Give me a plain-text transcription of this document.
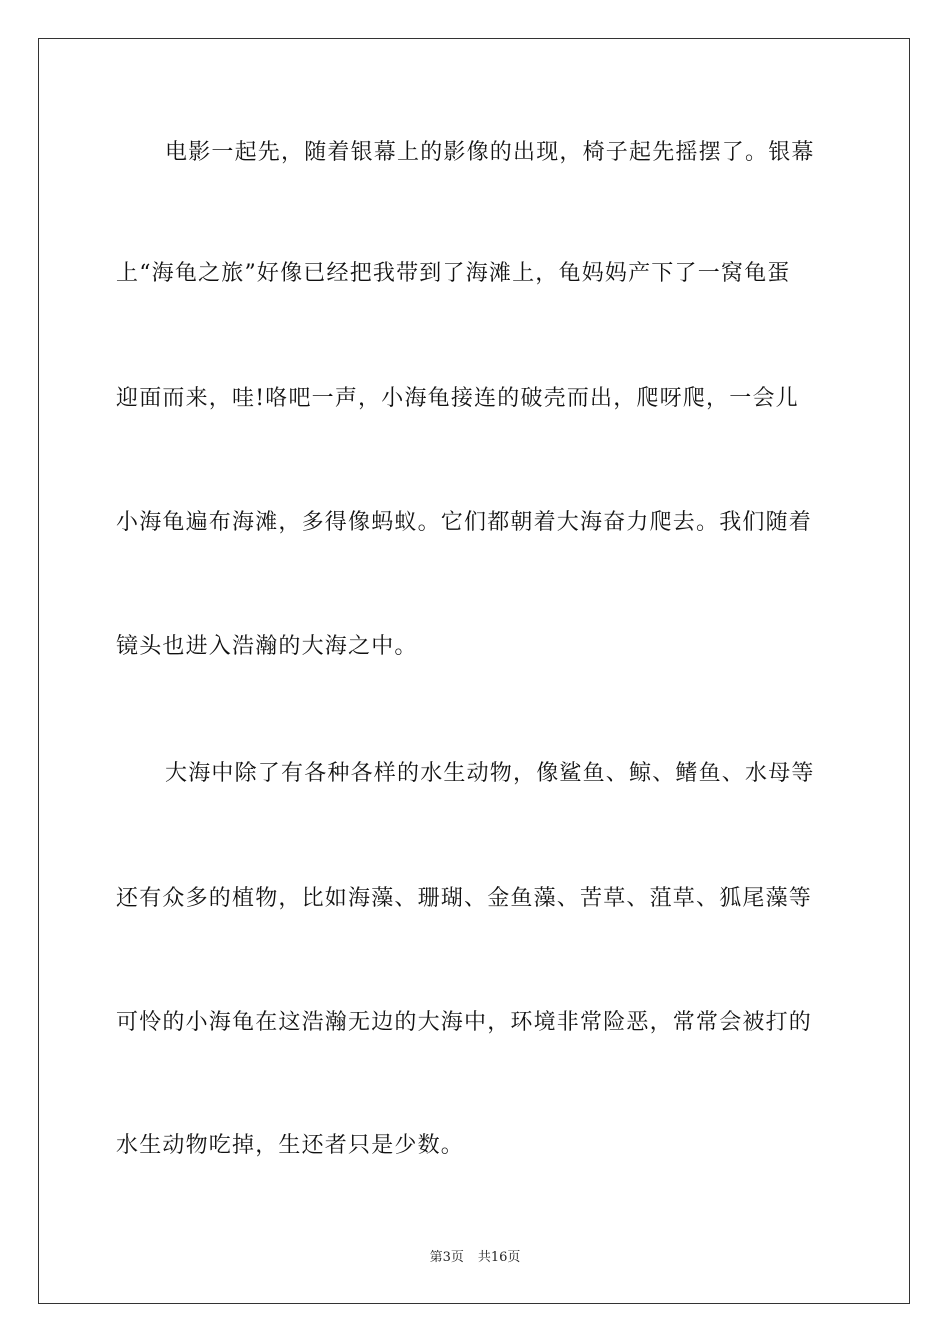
电影一起先，随着银幕上的影像的出现，椅子起先摇摆了。银幕
上“海龟之旅”好像已经把我带到了海滩上，龟妈妈产下了一窝龟蛋
迎面而来，哇!咯吧一声，小海龟接连的破壳而出，爬呀爬，一会儿
小海龟遍布海滩，多得像蚂蚁。它们都朝着大海奋力爬去。我们随着
镜头也进入浩瀚的大海之中。
大海中除了有各种各样的水生动物，像鲨鱼、鲸、鳍鱼、水母等
还有众多的植物，比如海藻、珊瑚、金鱼藻、苦草、菹草、狐尾藻等
可怜的小海龟在这浩瀚无边的大海中，环境非常险恶，常常会被打的
水生动物吃掉，生还者只是少数。
第3页 共16页
